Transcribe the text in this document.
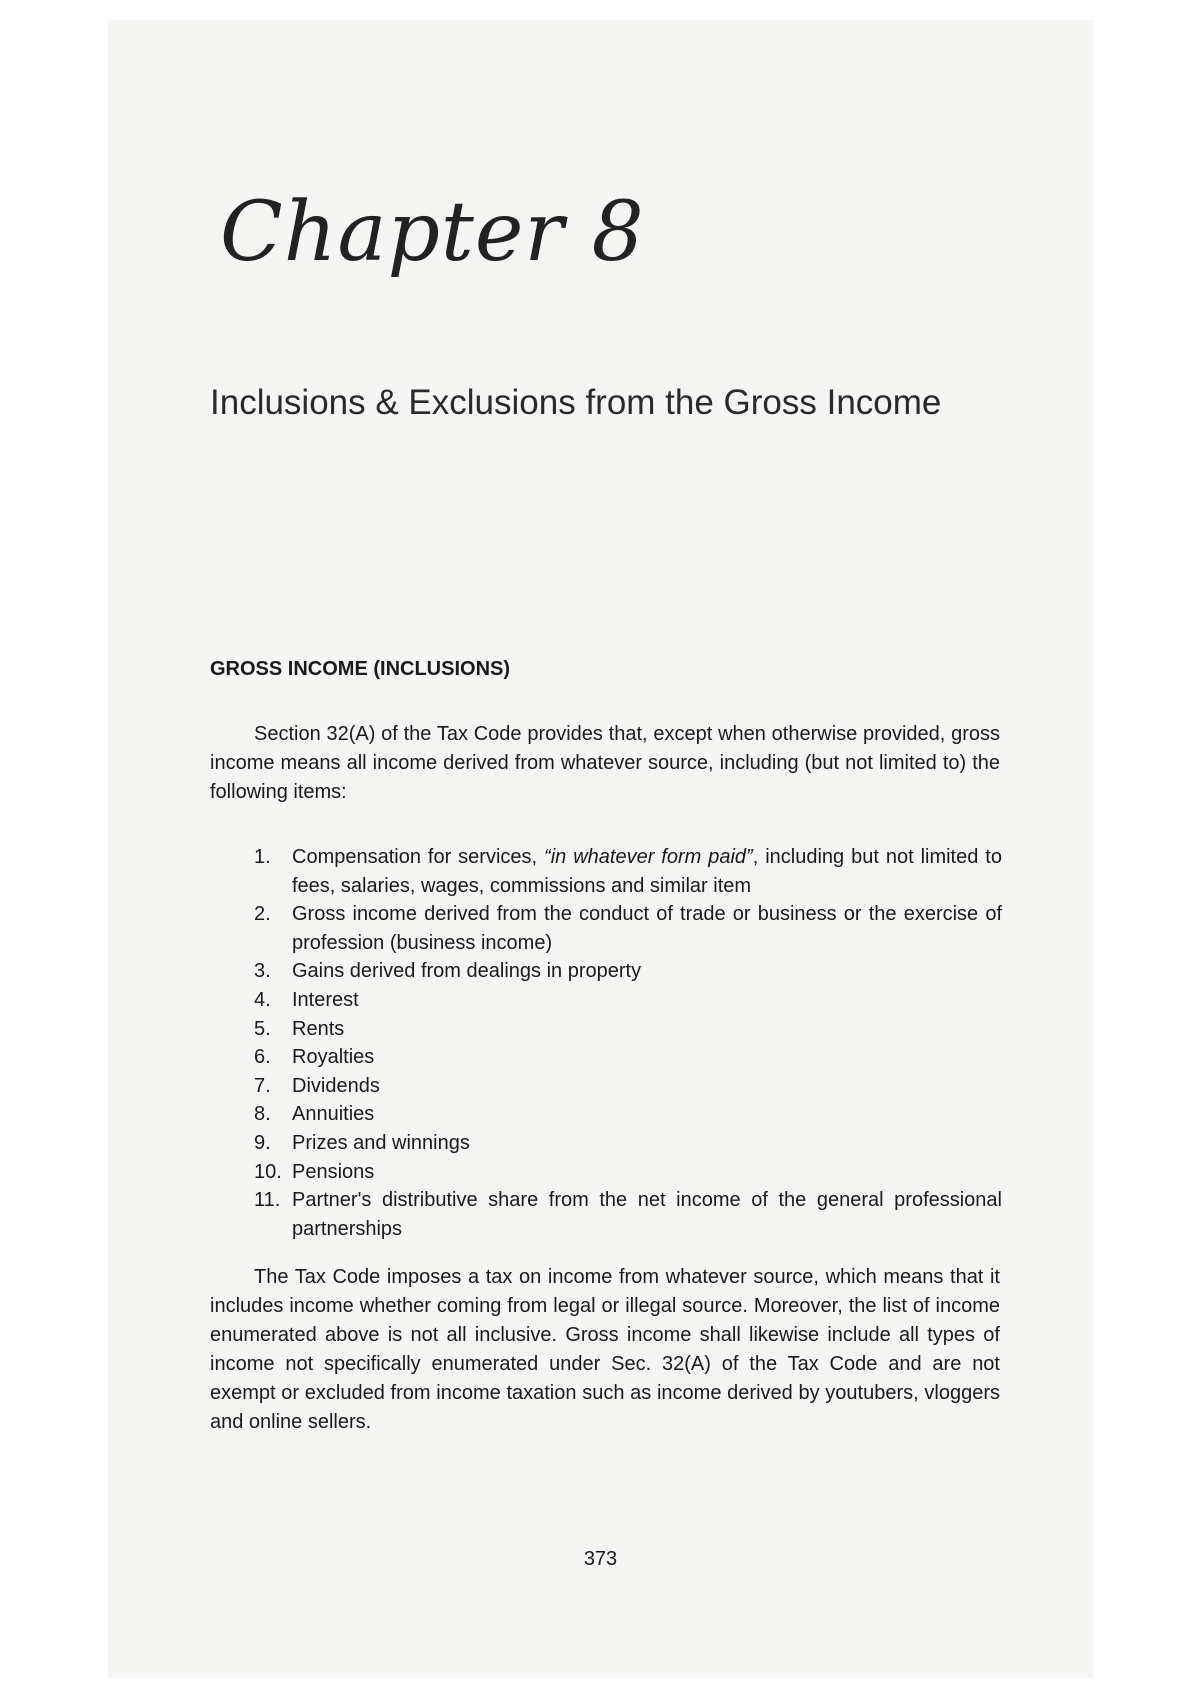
Chapter 8
Inclusions & Exclusions from the Gross Income
GROSS INCOME (INCLUSIONS)

Section 32(A) of the Tax Code provides that, except when otherwise provided, gross income means all income derived from whatever source, including (but not limited to) the following items:

1.	Compensation for services, “in whatever form paid”, including but not limited to fees, salaries, wages, commissions and similar item
2.	Gross income derived from the conduct of trade or business or the exercise of profession (business income)
3.	Gains derived from dealings in property
4.	Interest
5.	Rents
6.	Royalties
7.	Dividends
8.	Annuities
9.	Prizes and winnings
10. Pensions
11. Partner's distributive share from the net income of the general professional partnerships

The Tax Code imposes a tax on income from whatever source, which means that it includes income whether coming from legal or illegal source. Moreover, the list of income enumerated above is not all inclusive. Gross income shall likewise include all types of income not specifically enumerated under Sec. 32(A) of the Tax Code and are not exempt or excluded from income taxation such as income derived by youtubers, vloggers and online sellers.

373
